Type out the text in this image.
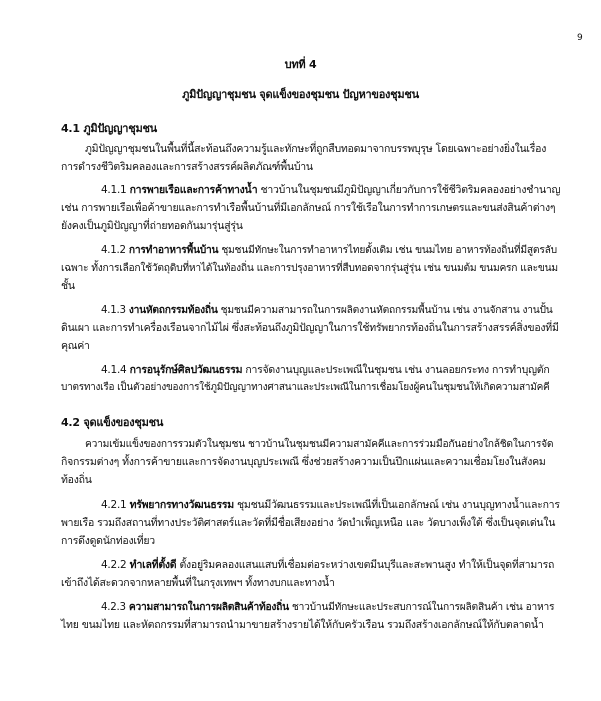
9
บทที่ 4
ภูมิปัญญาชุมชน จุดแข็งของชุมชน ปัญหาของชุมชน
4.1 ภูมิปัญญาชุมชน
ภูมิปัญญาชุมชนในพื้นที่นี้สะท้อนถึงความรู้และทักษะที่ถูกสืบทอดมาจากบรรพบุรุษ โดยเฉพาะอย่างยิ่งในเรื่อง
การดำรงชีวิตริมคลองและการสร้างสรรค์ผลิตภัณฑ์พื้นบ้าน
4.1.1 การพายเรือและการค้าทางน้ำ ชาวบ้านในชุมชนมีภูมิปัญญาเกี่ยวกับการใช้ชีวิตริมคลองอย่างชำนาญ
เช่น การพายเรือเพื่อค้าขายและการทำเรือพื้นบ้านที่มีเอกลักษณ์ การใช้เรือในการทำการเกษตรและขนส่งสินค้าต่างๆ
ยังคงเป็นภูมิปัญญาที่ถ่ายทอดกันมารุ่นสู่รุ่น
4.1.2 การทำอาหารพื้นบ้าน ชุมชนมีทักษะในการทำอาหารไทยดั้งเดิม เช่น ขนมไทย อาหารท้องถิ่นที่มีสูตรลับ
เฉพาะ ทั้งการเลือกใช้วัตถุดิบที่หาได้ในท้องถิ่น และการปรุงอาหารที่สืบทอดจากรุ่นสู่รุ่น เช่น ขนมต้ม ขนมครก และขนม
ชั้น
4.1.3 งานหัตถกรรมท้องถิ่น ชุมชนมีความสามารถในการผลิตงานหัตถกรรมพื้นบ้าน เช่น งานจักสาน งานปั้น
ดินเผา และการทำเครื่องเรือนจากไม้ไผ่ ซึ่งสะท้อนถึงภูมิปัญญาในการใช้ทรัพยากรท้องถิ่นในการสร้างสรรค์สิ่งของที่มี
คุณค่า
4.1.4 การอนุรักษ์ศิลปวัฒนธรรม การจัดงานบุญและประเพณีในชุมชน เช่น งานลอยกระทง การทำบุญตัก
บาตรทางเรือ เป็นตัวอย่างของการใช้ภูมิปัญญาทางศาสนาและประเพณีในการเชื่อมโยงผู้คนในชุมชนให้เกิดความสามัคคี
4.2 จุดแข็งของชุมชน
ความเข้มแข็งของการรวมตัวในชุมชน ชาวบ้านในชุมชนมีความสามัคคีและการร่วมมือกันอย่างใกล้ชิดในการจัด
กิจกรรมต่างๆ ทั้งการค้าขายและการจัดงานบุญประเพณี ซึ่งช่วยสร้างความเป็นปึกแผ่นและความเชื่อมโยงในสังคม
ท้องถิ่น
4.2.1 ทรัพยากรทางวัฒนธรรม ชุมชนมีวัฒนธรรมและประเพณีที่เป็นเอกลักษณ์ เช่น งานบุญทางน้ำและการ
พายเรือ รวมถึงสถานที่ทางประวัติศาสตร์และวัดที่มีชื่อเสียงอย่าง วัดบำเพ็ญเหนือ และ วัดบางเพ็งใต้ ซึ่งเป็นจุดเด่นใน
การดึงดูดนักท่องเที่ยว
4.2.2 ทำเลที่ตั้งดี ตั้งอยู่ริมคลองแสนแสบที่เชื่อมต่อระหว่างเขตมีนบุรีและสะพานสูง ทำให้เป็นจุดที่สามารถ
เข้าถึงได้สะดวกจากหลายพื้นที่ในกรุงเทพฯ ทั้งทางบกและทางน้ำ
4.2.3 ความสามารถในการผลิตสินค้าท้องถิ่น ชาวบ้านมีทักษะและประสบการณ์ในการผลิตสินค้า เช่น อาหาร
ไทย ขนมไทย และหัตถกรรมที่สามารถนำมาขายสร้างรายได้ให้กับครัวเรือน รวมถึงสร้างเอกลักษณ์ให้กับตลาดน้ำ
